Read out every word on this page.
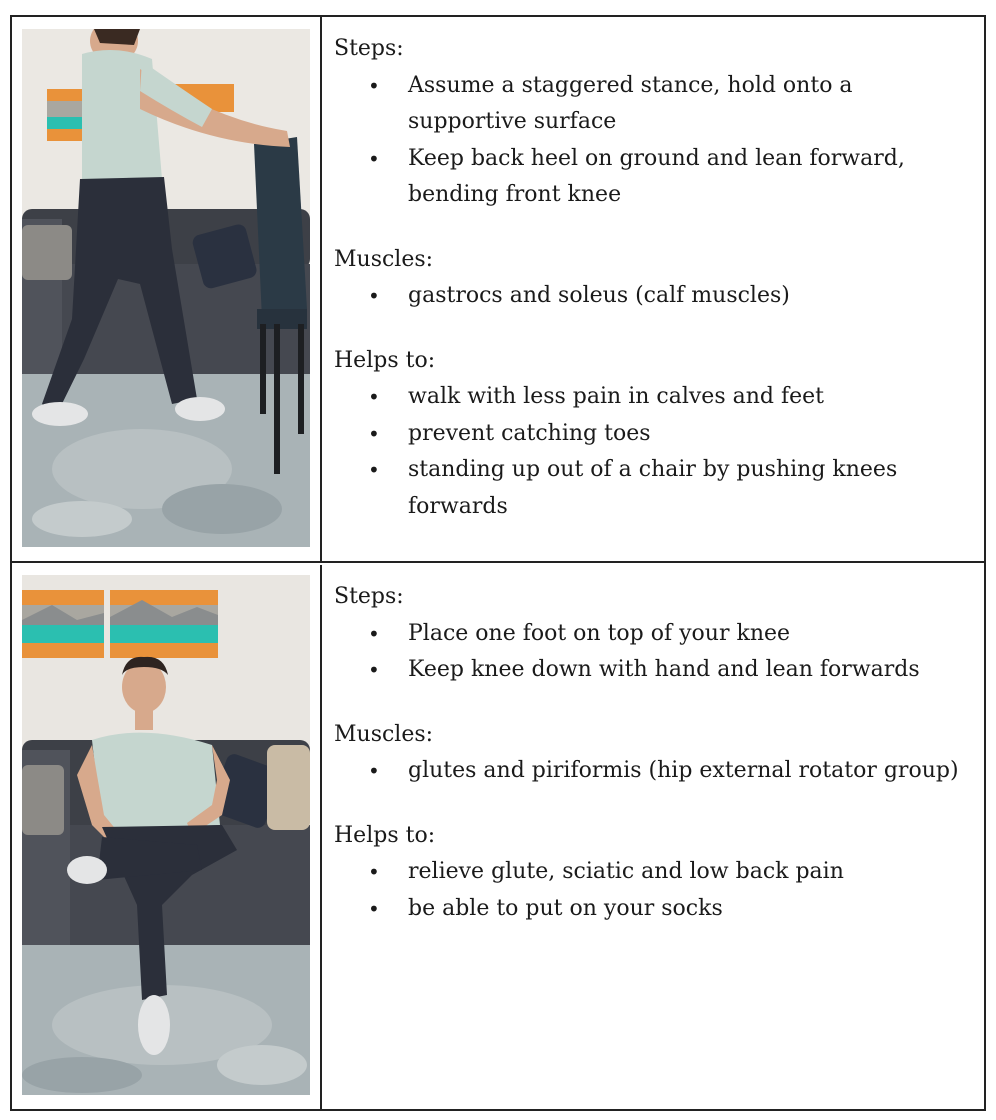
Steps:

• Assume a staggered stance, hold onto a supportive surface
• Keep back heel on ground and lean forward, bending front knee

Muscles:

• gastrocs and soleus (calf muscles)

Helps to:

• walk with less pain in calves and feet
• prevent catching toes
• standing up out of a chair by pushing knees forwards

Steps:

• Place one foot on top of your knee
• Keep knee down with hand and lean forwards

Muscles:

• glutes and piriformis (hip external rotator group)

Helps to:

• relieve glute, sciatic and low back pain
• be able to put on your socks
